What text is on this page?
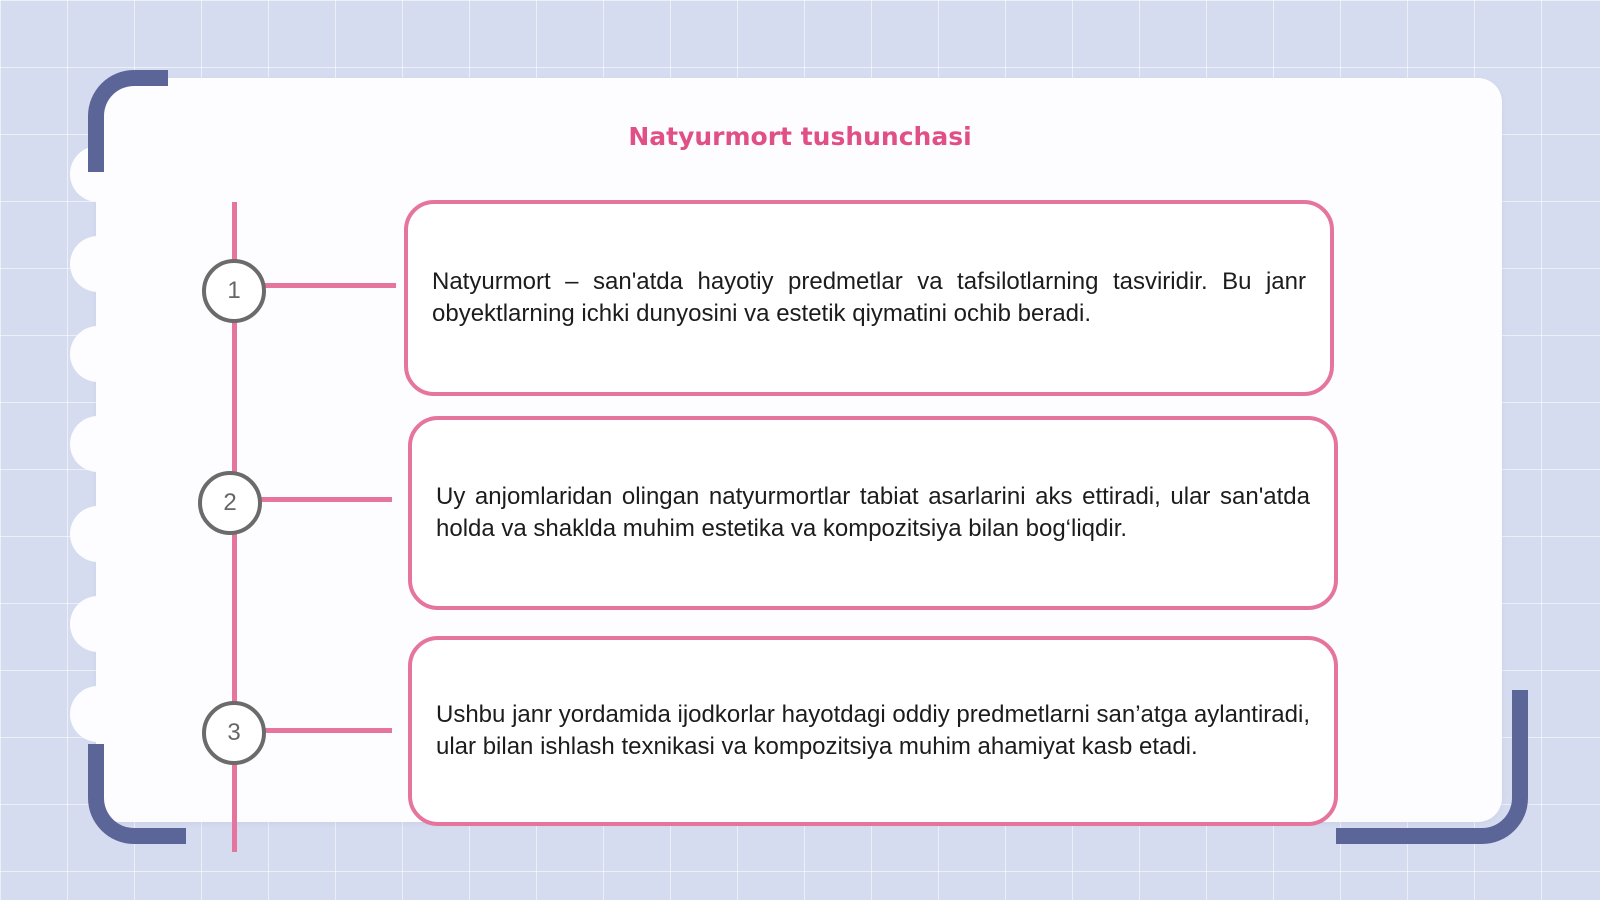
Natyurmort tushunchasi
1
2
3

Natyurmort – san'atda hayotiy predmetlar va tafsilotlarning tasviridir. Bu janr obyektlarning ichki dunyosini va estetik qiymatini ochib beradi.

Uy anjomlaridan olingan natyurmortlar tabiat asarlarini aks ettiradi, ular san'atda holda va shaklda muhim estetika va kompozitsiya bilan bog‘liqdir.

Ushbu janr yordamida ijodkorlar hayotdagi oddiy predmetlarni san’atga aylantiradi, ular bilan ishlash texnikasi va kompozitsiya muhim ahamiyat kasb etadi.
